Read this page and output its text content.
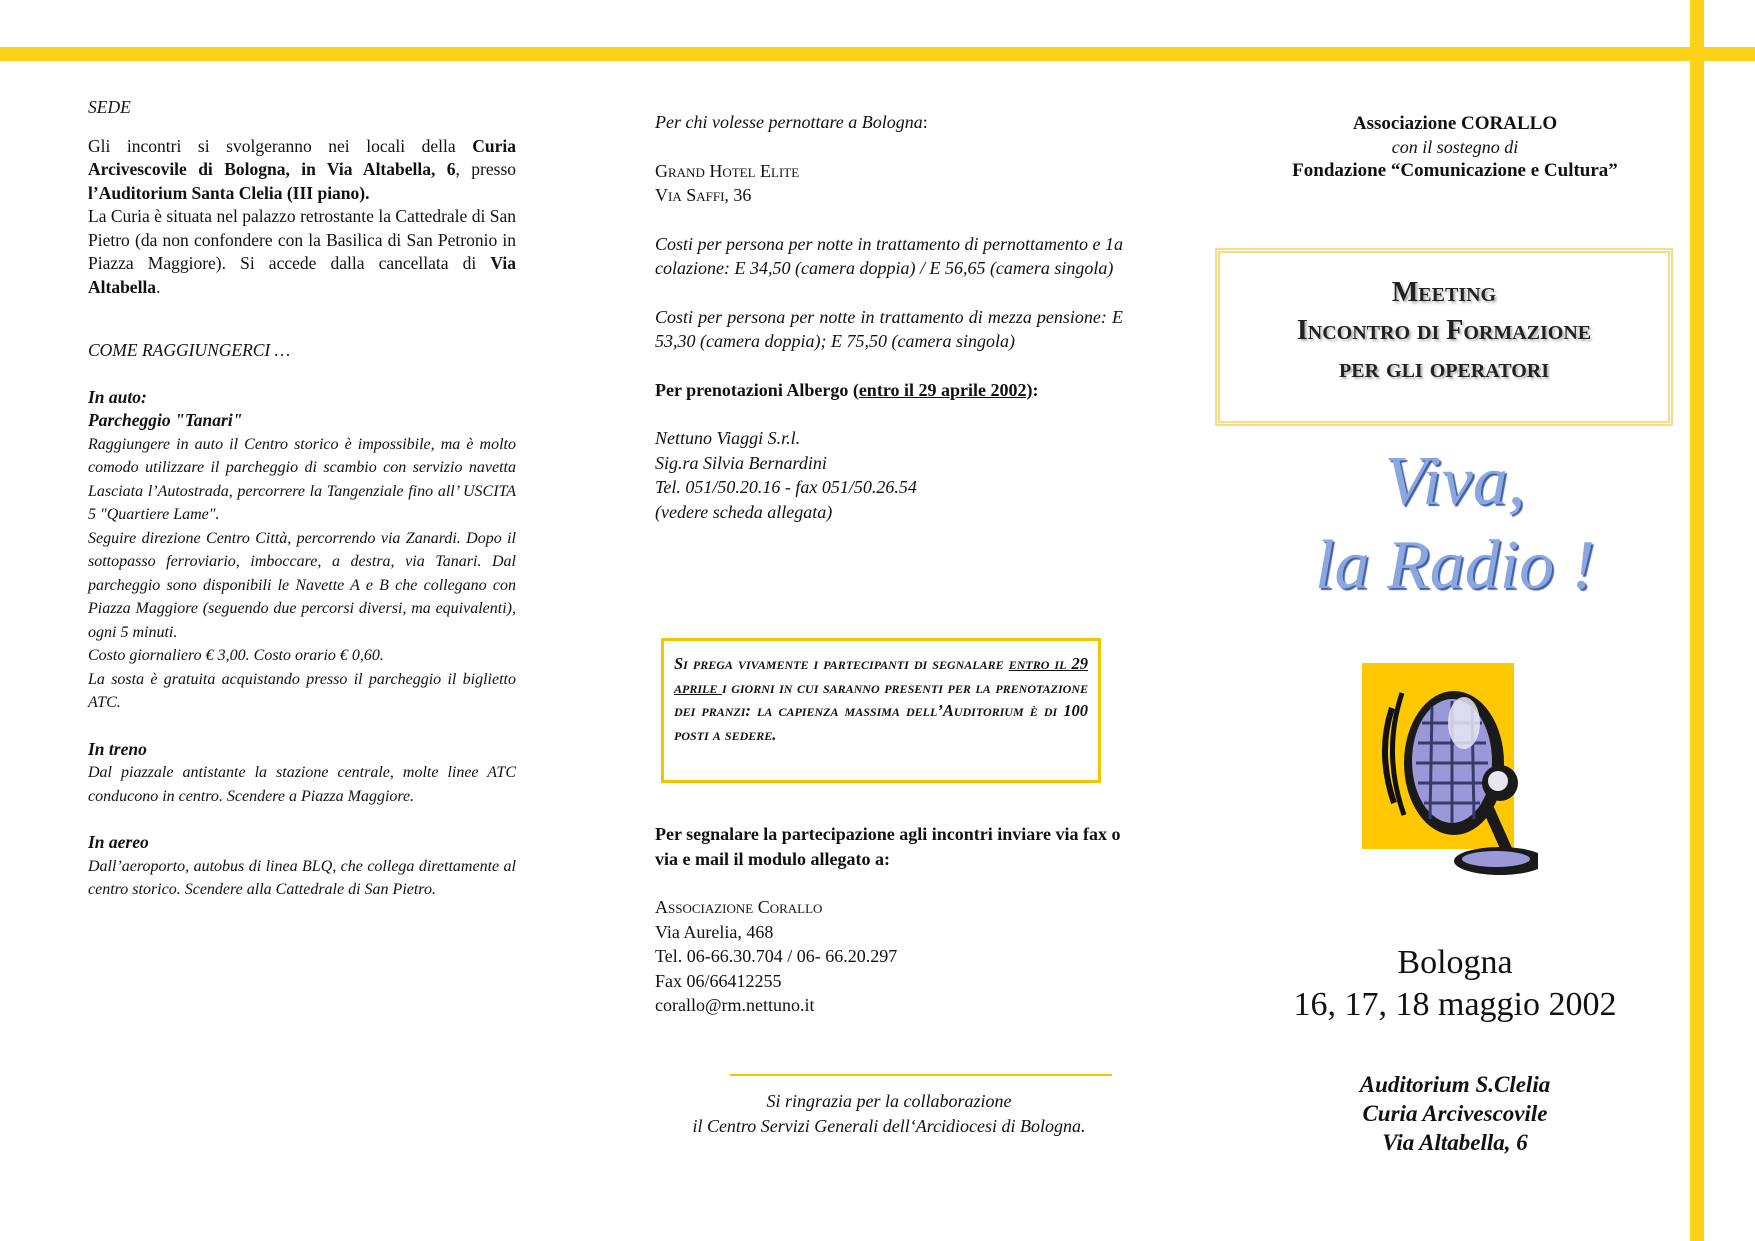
SEDE

Gli incontri si svolgeranno nei locali della Curia Arcivescovile di Bologna, in Via Altabella, 6, presso l’Auditorium Santa Clelia (III piano).

La Curia è situata nel palazzo retrostante la Cattedrale di San Pietro (da non confondere con la Basilica di San Petronio in Piazza Maggiore). Si accede dalla cancellata di Via Altabella.

COME RAGGIUNGERCI …

In auto:

Parcheggio "Tanari"

Raggiungere in auto il Centro storico è impossibile, ma è molto comodo utilizzare il parcheggio di scambio con servizio navetta Lasciata l’Autostrada, percorrere la Tangenziale fino all’ USCITA 5 "Quartiere Lame".

Seguire direzione Centro Città, percorrendo via Zanardi. Dopo il sottopasso ferroviario, imboccare, a destra, via Tanari. Dal parcheggio sono disponibili le Navette A e B che collegano con Piazza Maggiore (seguendo due percorsi diversi, ma equivalenti), ogni 5 minuti.

Costo giornaliero € 3,00. Costo orario € 0,60.

La sosta è gratuita acquistando presso il parcheggio il biglietto ATC.

In treno

Dal piazzale antistante la stazione centrale, molte linee ATC conducono in centro. Scendere a Piazza Maggiore.

In aereo

Dall’aeroporto, autobus di linea BLQ, che collega direttamente al centro storico. Scendere alla Cattedrale di San Pietro.

Per chi volesse pernottare a Bologna:

Grand Hotel Elite

Via Saffi, 36

Costi per persona per notte in trattamento di pernottamento e 1a colazione: E 34,50 (camera doppia) / E 56,65 (camera singola)

Costi per persona per notte in trattamento di mezza pensione: E 53,30 (camera doppia); E 75,50 (camera singola)

Per prenotazioni Albergo (entro il 29 aprile 2002):

Nettuno Viaggi S.r.l.

Sig.ra Silvia Bernardini

Tel. 051/50.20.16 - fax 051/50.26.54

(vedere scheda allegata)

Si prega vivamente i partecipanti di segnalare entro il 29 aprile i giorni in cui saranno presenti per la prenotazione dei pranzi: la capienza massima dell’Auditorium è di 100 posti a sedere.

Per segnalare la partecipazione agli incontri inviare via fax o via e mail il modulo allegato a:

Associazione Corallo

Via Aurelia, 468

Tel. 06-66.30.704 / 06- 66.20.297

Fax 06/66412255

corallo@rm.nettuno.it

Si ringrazia per la collaborazione

il Centro Servizi Generali dell‘Arcidiocesi di Bologna.

Associazione CORALLO

con il sostegno di

Fondazione “Comunicazione e Cultura”

Meeting

Incontro di Formazione

per gli operatori

Viva,

la Radio !

Bologna

16, 17, 18 maggio 2002

Auditorium S.Clelia

Curia Arcivescovile

Via Altabella, 6
